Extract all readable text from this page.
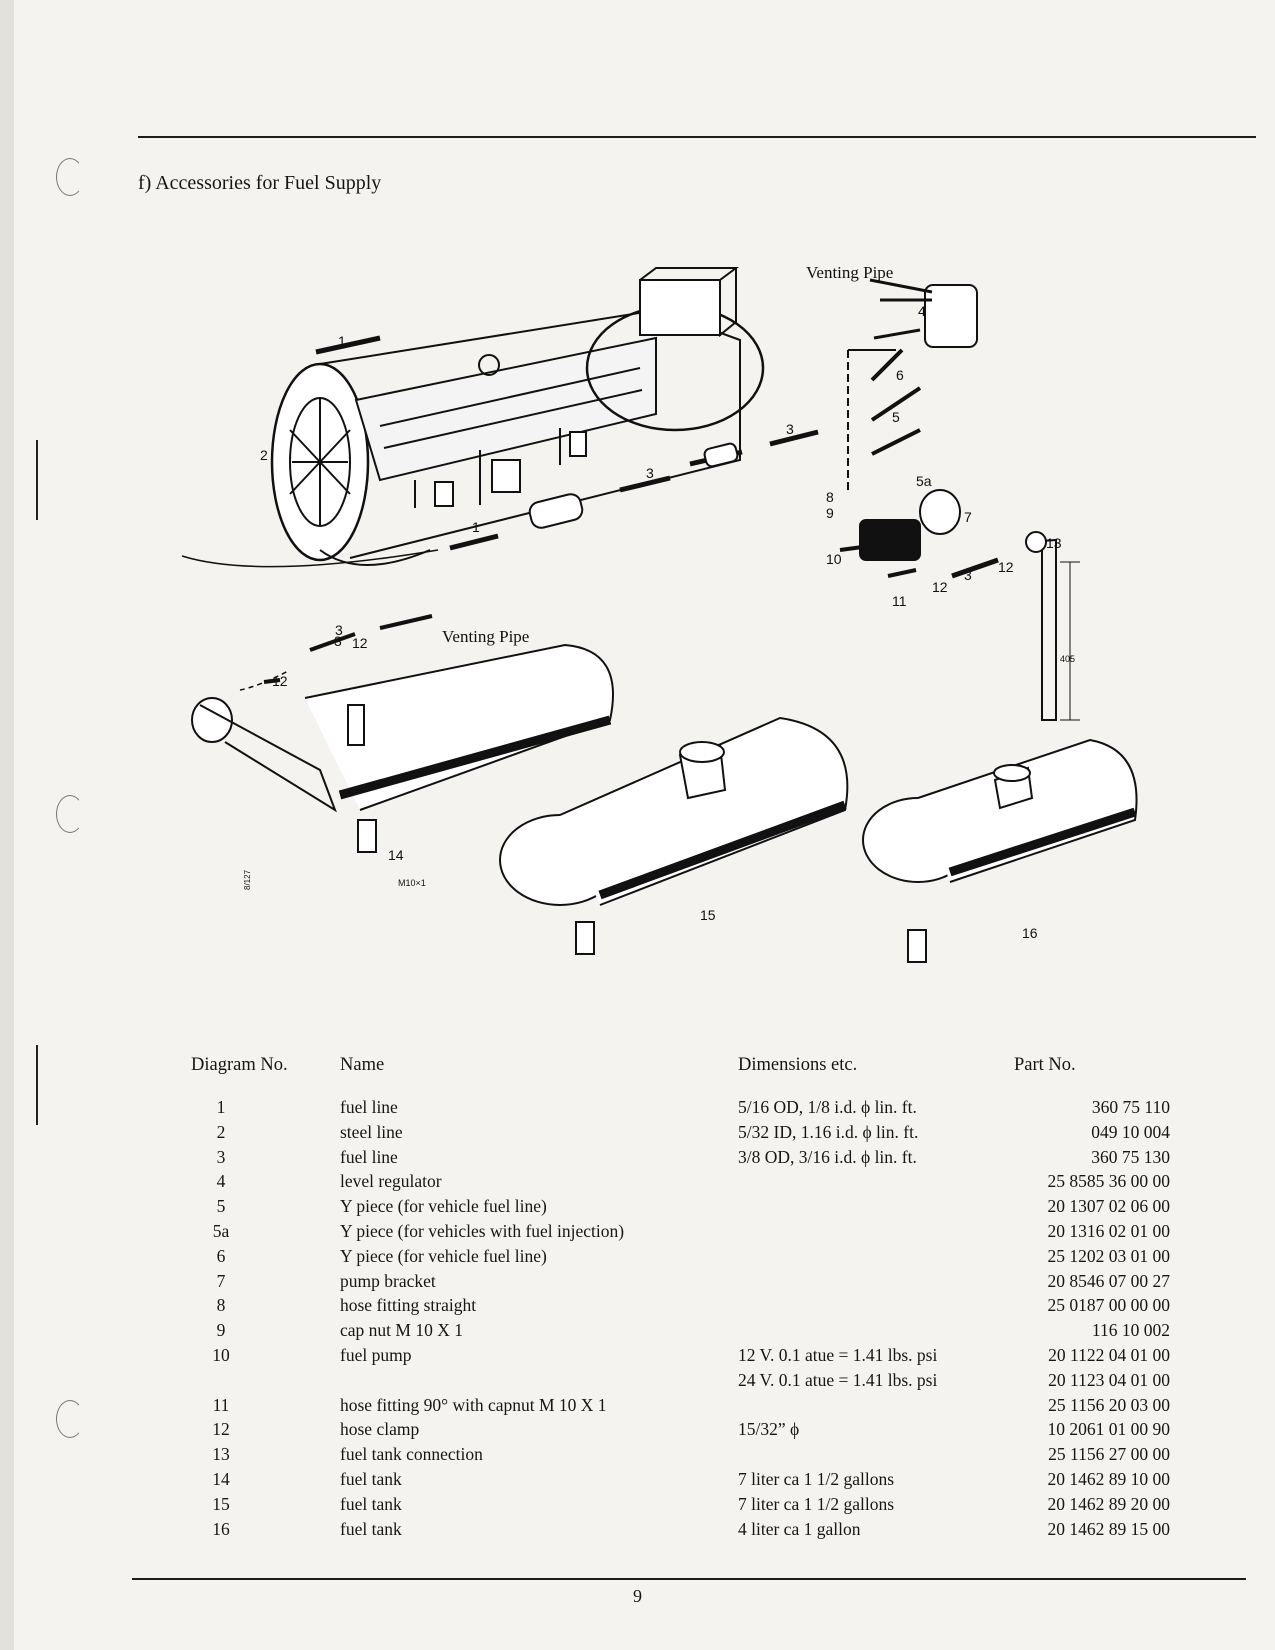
f) Accessories for Fuel Supply
1
2
3
3
3
1
4
6
5
5a
7
8
9
10
11
12
12
3
13
12
3
12
14
15
16
Venting Pipe
Venting Pipe
405
M10×1
8/127
Diagram No.	Name	Dimensions etc.	Part No.
1	fuel line	5/16 OD, 1/8 i.d. ϕ lin. ft.	360 75 110
2	steel line	5/32 ID, 1.16 i.d. ϕ lin. ft.	049 10 004
3	fuel line	3/8 OD, 3/16 i.d. ϕ lin. ft.	360 75 130
4	level regulator	25 8585 36 00 00
5	Y piece (for vehicle fuel line)	20 1307 02 06 00
5a	Y piece (for vehicles with fuel injection)	20 1316 02 01 00
6	Y piece (for vehicle fuel line)	25 1202 03 01 00
7	pump bracket	20 8546 07 00 27
8	hose fitting straight	25 0187 00 00 00
9	cap nut M 10 X 1	116 10 002
10	fuel pump	12 V. 0.1 atue = 1.41 lbs. psi	20 1122 04 01 00
24 V. 0.1 atue = 1.41 lbs. psi	20 1123 04 01 00
11	hose fitting 90° with capnut M 10 X 1	25 1156 20 03 00
12	hose clamp	15/32” ϕ	10 2061 01 00 90
13	fuel tank connection	25 1156 27 00 00
14	fuel tank	7 liter ca 1 1/2 gallons	20 1462 89 10 00
15	fuel tank	7 liter ca 1 1/2 gallons	20 1462 89 20 00
16	fuel tank	4 liter ca 1 gallon	20 1462 89 15 00
9
